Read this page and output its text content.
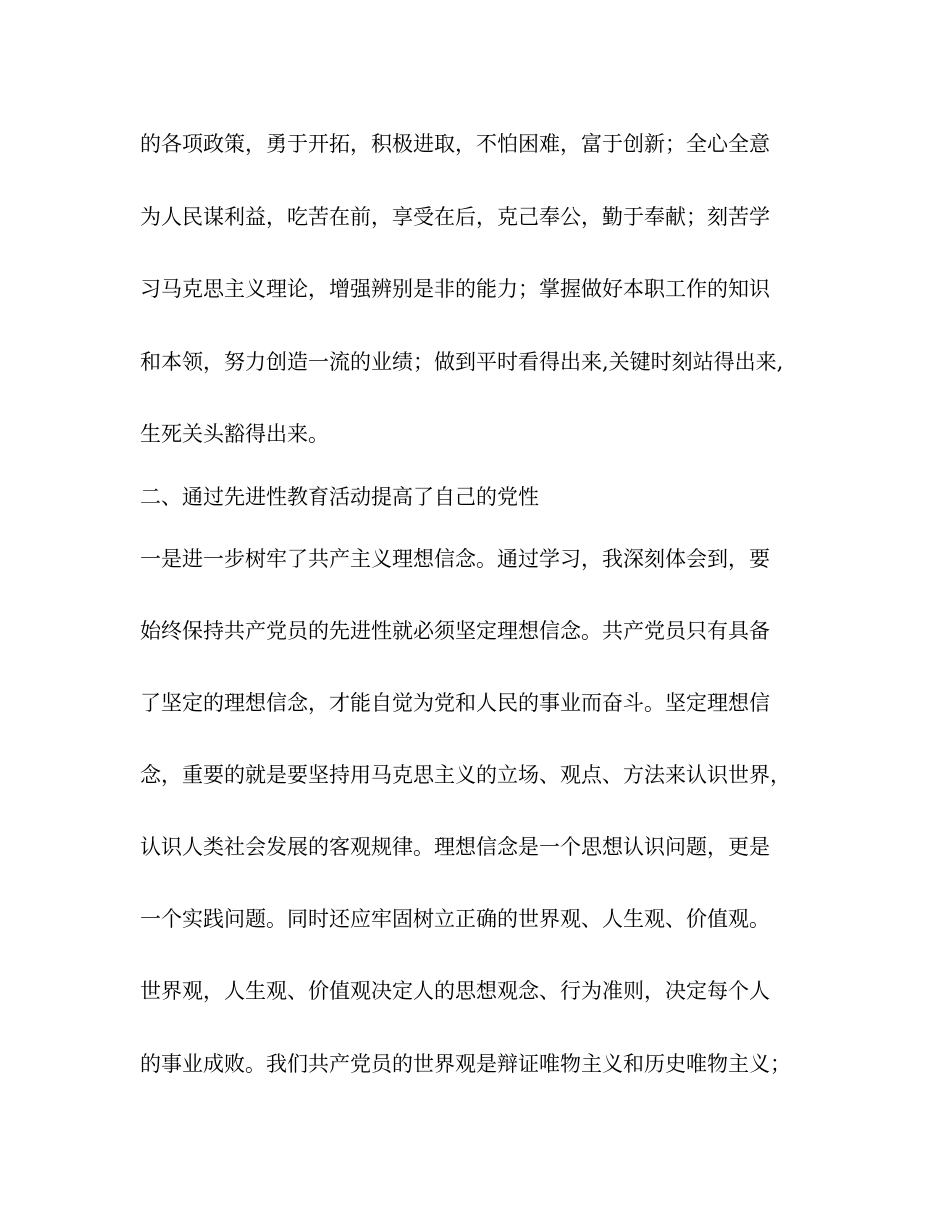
的各项政策，勇于开拓，积极进取，不怕困难，富于创新；全心全意
为人民谋利益，吃苦在前，享受在后，克己奉公，勤于奉献；刻苦学
习马克思主义理论，增强辨别是非的能力；掌握做好本职工作的知识
和本领，努力创造一流的业绩；做到平时看得出来,关键时刻站得出来,
生死关头豁得出来。
二、通过先进性教育活动提高了自己的党性
一是进一步树牢了共产主义理想信念。通过学习，我深刻体会到，要
始终保持共产党员的先进性就必须坚定理想信念。共产党员只有具备
了坚定的理想信念，才能自觉为党和人民的事业而奋斗。坚定理想信
念，重要的就是要坚持用马克思主义的立场、观点、方法来认识世界，
认识人类社会发展的客观规律。理想信念是一个思想认识问题，更是
一个实践问题。同时还应牢固树立正确的世界观、人生观、价值观。
世界观，人生观、价值观决定人的思想观念、行为准则，决定每个人
的事业成败。我们共产党员的世界观是辩证唯物主义和历史唯物主义；
